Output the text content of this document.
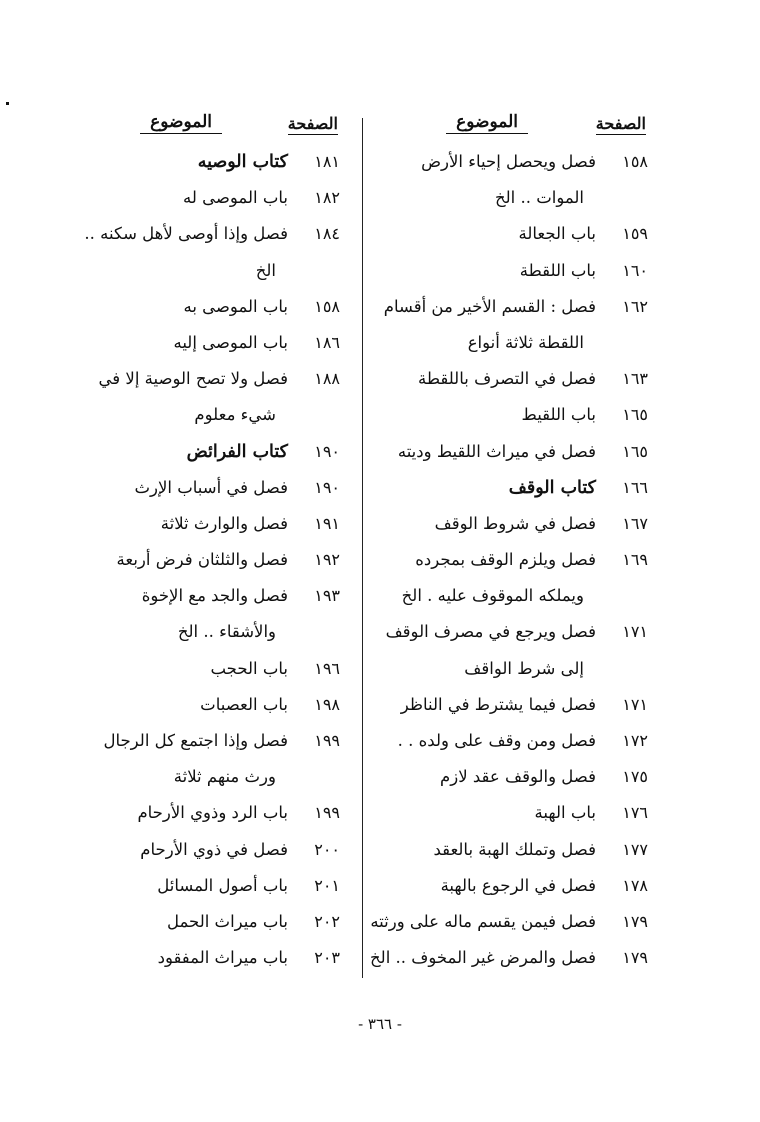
الصفحة
الموضوع
١٥٨
فصل ويحصل إحياء الأرض
الموات .. الخ
١٥٩
باب الجعالة
١٦٠
باب اللقطة
١٦٢
فصل : القسم الأخير من أقسام
اللقطة ثلاثة أنواع
١٦٣
فصل في التصرف باللقطة
١٦٥
باب اللقيط
١٦٥
فصل في ميراث اللقيط وديته
١٦٦
كتاب الوقف
١٦٧
فصل في شروط الوقف
١٦٩
فصل ويلزم الوقف بمجرده
ويملكه الموقوف عليه . الخ
١٧١
فصل ويرجع في مصرف الوقف
إلى شرط الواقف
١٧١
فصل فيما يشترط في الناظر
١٧٢
فصل ومن وقف على ولده . .
١٧٥
فصل والوقف عقد لازم
١٧٦
باب الهبة
١٧٧
فصل وتملك الهبة بالعقد
١٧٨
فصل في الرجوع بالهبة
١٧٩
فصل فيمن يقسم ماله على ورثته
١٧٩
فصل والمرض غير المخوف .. الخ
الصفحة
الموضوع
١٨١
كتاب الوصيه
١٨٢
باب الموصى له
١٨٤
فصل وإذا أوصى لأهل سكنه ..
الخ
١٥٨
باب الموصى به
١٨٦
باب الموصى إليه
١٨٨
فصل ولا تصح الوصية إلا في
شيء معلوم
١٩٠
كتاب الفرائض
١٩٠
فصل في أسباب الإرث
١٩١
فصل والوارث ثلاثة
١٩٢
فصل والثلثان فرض أربعة
١٩٣
فصل والجد مع الإخوة
والأشقاء .. الخ
١٩٦
باب الحجب
١٩٨
باب العصبات
١٩٩
فصل وإذا اجتمع كل الرجال
ورث منهم ثلاثة
١٩٩
باب الرد وذوي الأرحام
٢٠٠
فصل في ذوي الأرحام
٢٠١
باب أصول المسائل
٢٠٢
باب ميراث الحمل
٢٠٣
باب ميراث المفقود
- ٣٦٦ -
